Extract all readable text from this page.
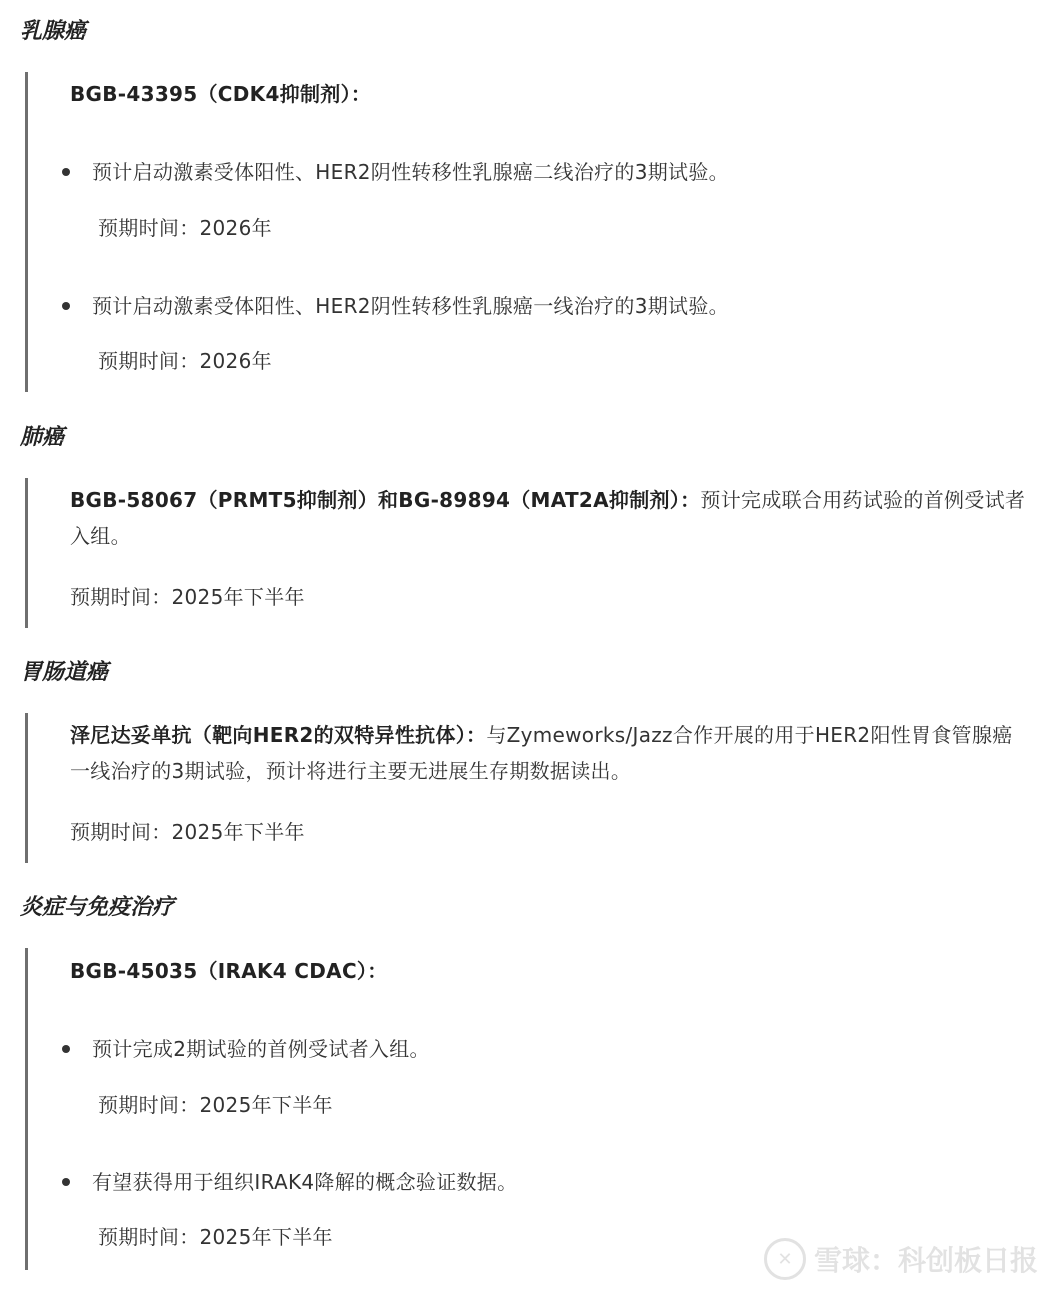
乳腺癌
BGB-43395（CDK4抑制剂）：
预计启动激素受体阳性、HER2阴性转移性乳腺癌二线治疗的3期试验。
预期时间：2026年
预计启动激素受体阳性、HER2阴性转移性乳腺癌一线治疗的3期试验。
预期时间：2026年
肺癌
BGB-58067（PRMT5抑制剂）和BG-89894（MAT2A抑制剂）：预计完成联合用药试验的首例受试者入组。
预期时间：2025年下半年
胃肠道癌
泽尼达妥单抗（靶向HER2的双特异性抗体）：与Zymeworks/Jazz合作开展的用于HER2阳性胃食管腺癌一线治疗的3期试验，预计将进行主要无进展生存期数据读出。
预期时间：2025年下半年
炎症与免疫治疗
BGB-45035（IRAK4 CDAC）：
预计完成2期试验的首例受试者入组。
预期时间：2025年下半年
有望获得用于组织IRAK4降解的概念验证数据。
预期时间：2025年下半年
✕ 雪球：科创板日报
